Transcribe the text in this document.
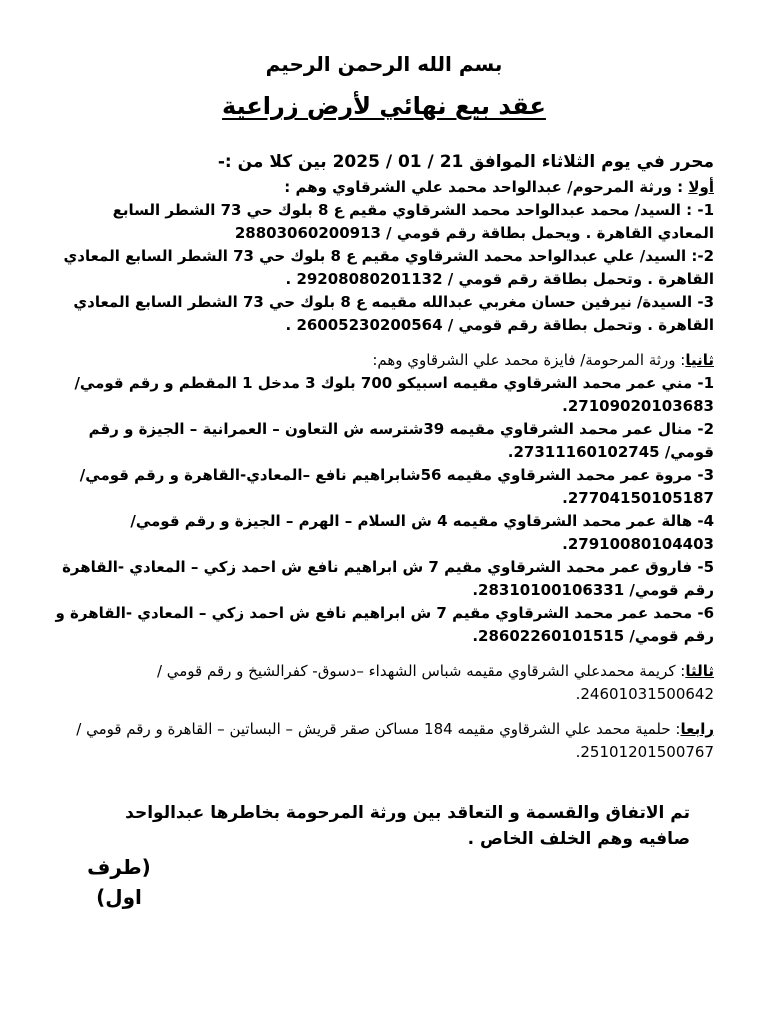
بسم الله الرحمن الرحيم
عقد بيع نهائي لأرض زراعية

محرر في يوم الثلاثاء الموافق 21 / 01 / 2025 بين كلا من :-

أولا : ورثة المرحوم/ عبدالواحد محمد علي الشرقاوي وهم :

1- : السيد/ محمد عبدالواحد محمد الشرقاوي مقيم ع 8 بلوك حي 73 الشطر السابع المعادي القاهرة . ويحمل بطاقة رقم قومي / 28803060200913

2-: السيد/ علي عبدالواحد محمد الشرقاوي مقيم ع 8 بلوك حي 73 الشطر السابع المعادي القاهرة . وتحمل بطاقة رقم قومي / 29208080201132 .

3- السيدة/ نيرفين حسان مغربي عبدالله مقيمه ع 8 بلوك حي 73 الشطر السابع المعادي القاهرة . وتحمل بطاقة رقم قومي / 26005230200564 .

ثانيا: ورثة المرحومة/ فايزة محمد علي الشرقاوي وهم:

1- مني عمر محمد الشرقاوي مقيمه اسبيكو 700 بلوك 3 مدخل 1 المقطم و رقم قومي/ 27109020103683.

2- منال عمر محمد الشرقاوي مقيمه 39شترسه ش التعاون – العمرانية – الجيزة و رقم قومي/ 27311160102745.

3- مروة عمر محمد الشرقاوي مقيمه 56شابراهيم نافع –المعادي-القاهرة و رقم قومي/ 27704150105187.

4- هالة عمر محمد الشرقاوي مقيمه 4 ش السلام – الهرم – الجيزة و رقم قومي/ 27910080104403.

5- فاروق عمر محمد الشرقاوي مقيم 7 ش ابراهيم نافع ش احمد زكي – المعادي -القاهرة رقم قومي/ 28310100106331.

6- محمد عمر محمد الشرقاوي مقيم 7 ش ابراهيم نافع ش احمد زكي – المعادي -القاهرة و رقم قومي/ 28602260101515.

ثالثا: كريمة محمدعلي الشرقاوي مقيمه شباس الشهداء –دسوق- كفرالشيخ و رقم قومي / 24601031500642.

رابعا: حلمية محمد علي الشرقاوي مقيمه 184 مساكن صقر قريش – البساتين – القاهرة و رقم قومي / 25101201500767.

تم الاتفاق والقسمة و التعاقد بين ورثة المرحومة بخاطرها عبدالواحد صافيه وهم الخلف الخاص .
(طرف اول)
